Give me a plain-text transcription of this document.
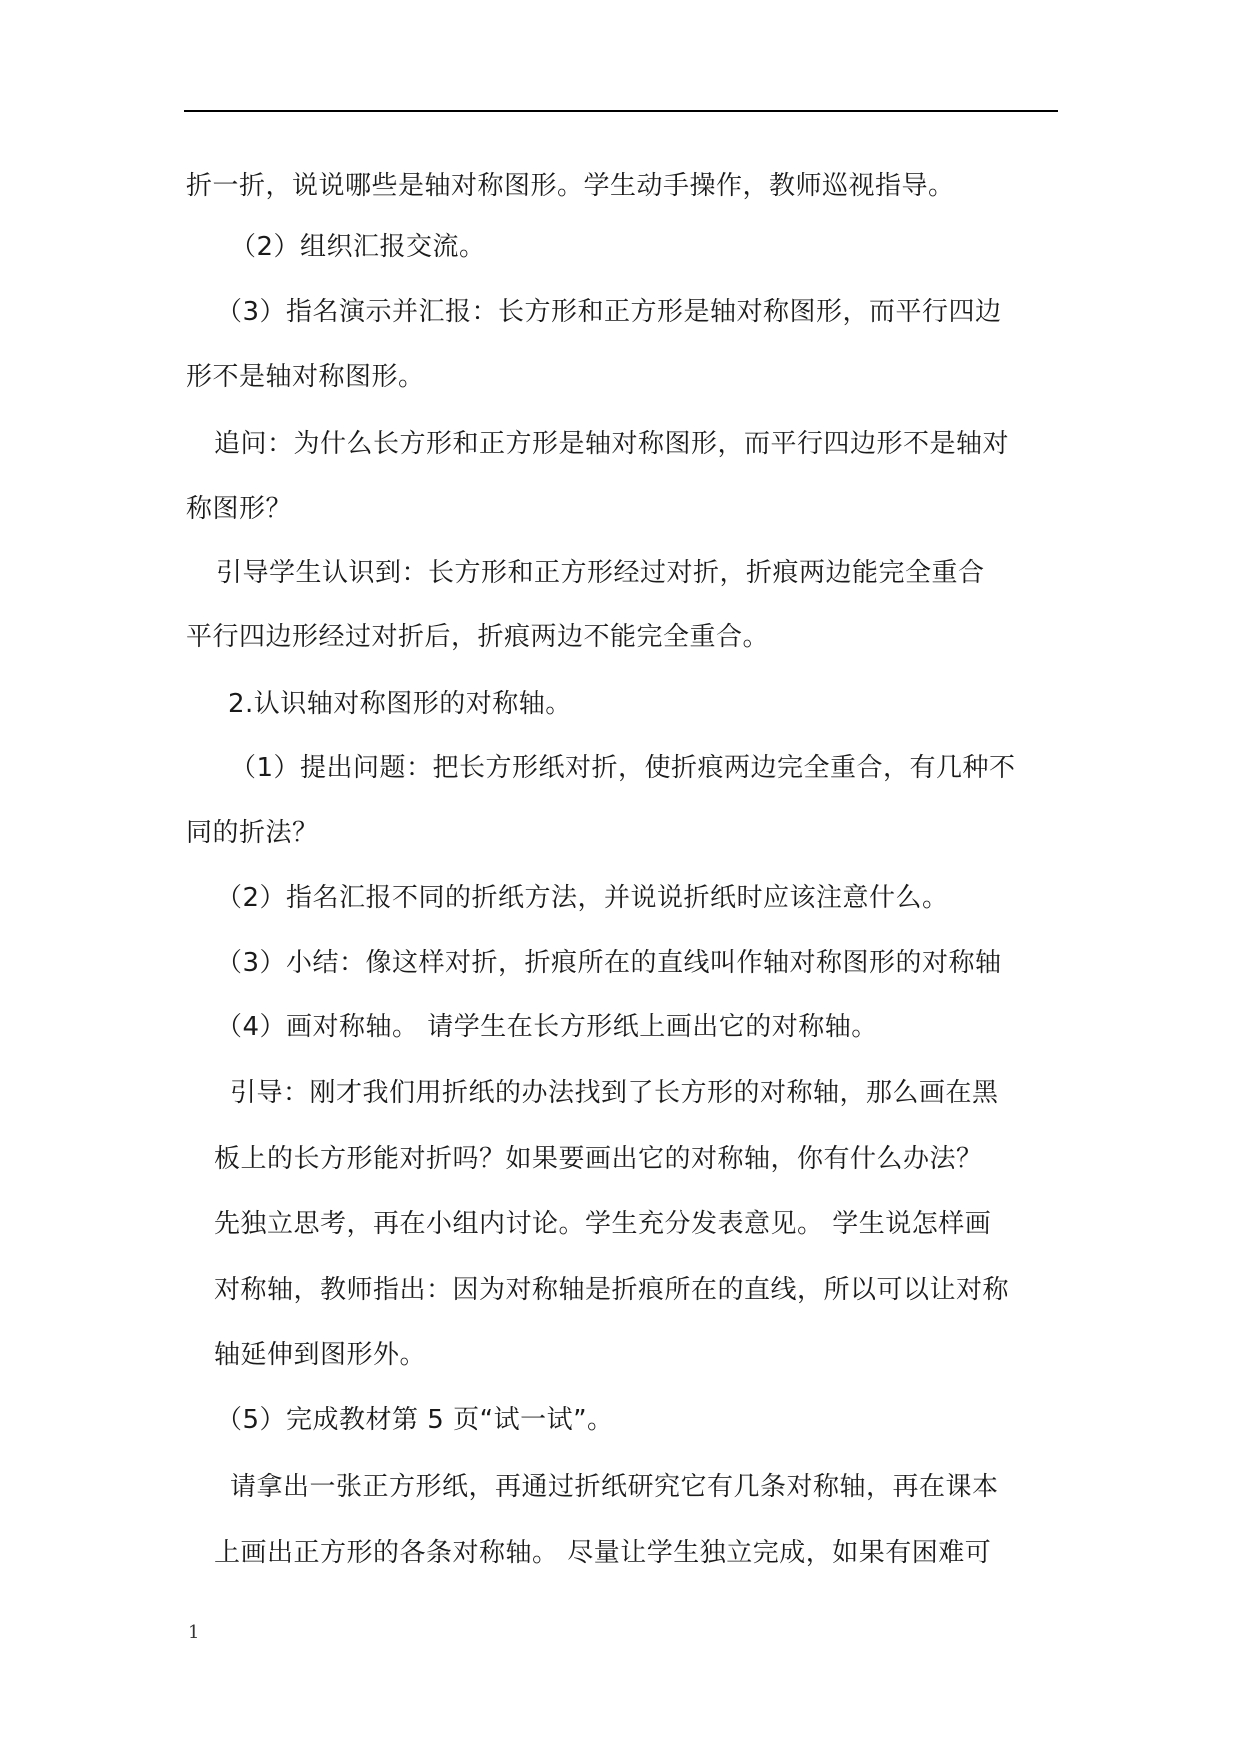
折一折，说说哪些是轴对称图形。学生动手操作，教师巡视指导。
（2）组织汇报交流。
（3）指名演示并汇报：长方形和正方形是轴对称图形，而平行四边
形不是轴对称图形。
追问：为什么长方形和正方形是轴对称图形，而平行四边形不是轴对
称图形？
引导学生认识到：长方形和正方形经过对折，折痕两边能完全重合
平行四边形经过对折后，折痕两边不能完全重合。
2.认识轴对称图形的对称轴。
（1）提出问题：把长方形纸对折，使折痕两边完全重合，有几种不
同的折法？
（2）指名汇报不同的折纸方法，并说说折纸时应该注意什么。
（3）小结：像这样对折，折痕所在的直线叫作轴对称图形的对称轴
（4）画对称轴。 请学生在长方形纸上画出它的对称轴。
引导：刚才我们用折纸的办法找到了长方形的对称轴，那么画在黑
板上的长方形能对折吗？如果要画出它的对称轴，你有什么办法？
先独立思考，再在小组内讨论。学生充分发表意见。 学生说怎样画
对称轴，教师指出：因为对称轴是折痕所在的直线，所以可以让对称
轴延伸到图形外。
（5）完成教材第 5 页“试一试”。
请拿出一张正方形纸，再通过折纸研究它有几条对称轴，再在课本
上画出正方形的各条对称轴。 尽量让学生独立完成，如果有困难可
1
